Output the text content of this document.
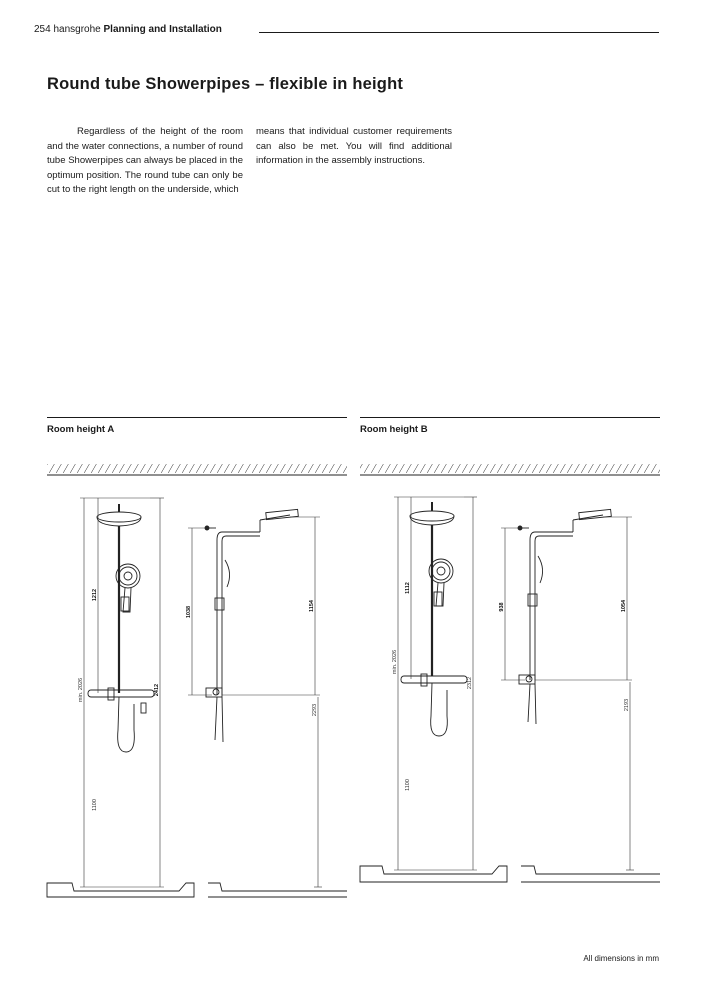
254 hansgrohe Planning and Installation
Round tube Showerpipes – flexible in height

Regardless of the height of the room and the water connections, a number of round tube Showerpipes can always be placed in the optimum position. The round tube can only be cut to the right length on the underside, which

means that individual customer requirements can also be met. You will find additional information in the assembly instructions.

Room height A	Room height B
1212
min. 2026	2412
1100
1038	1154
2293
1112
min. 2026
2312
1100
938	1054
2193
All dimensions in mm
